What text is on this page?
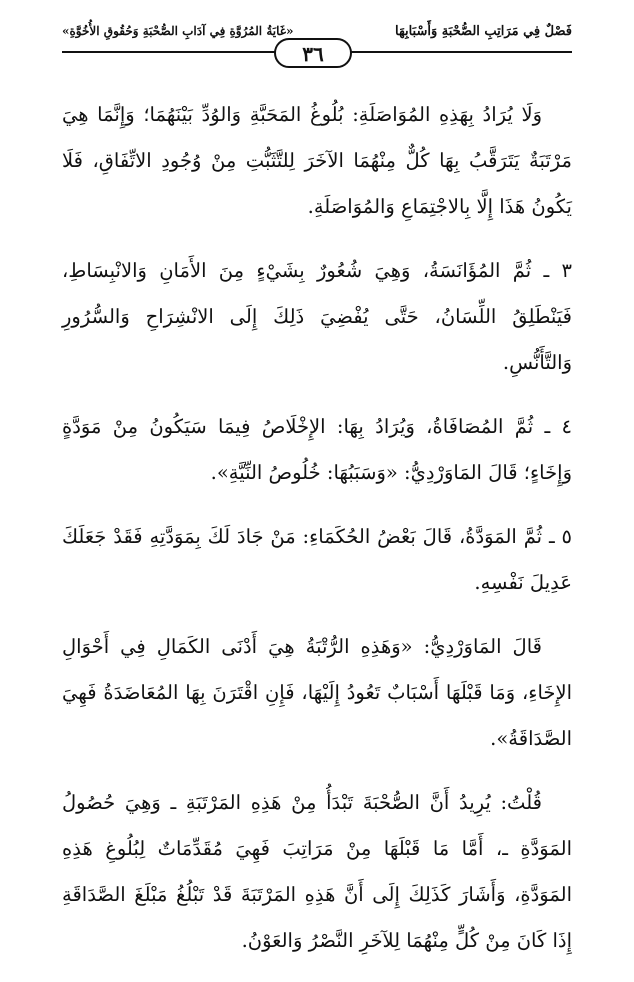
فَصْلٌ فِي مَرَاتِبِ الصُّحْبَةِ وَأَسْبَابِهَا
«غَايَةُ المُرُوَّةِ فِي آدَابِ الصُّحْبَةِ وَحُقُوقِ الأُخُوَّةِ»
٣٦

وَلَا يُرَادُ بِهَذِهِ المُوَاصَلَةِ: بُلُوغُ المَحَبَّةِ وَالوُدِّ بَيْنَهُمَا؛ وَإِنَّمَا هِيَ مَرْتَبَةٌ يَتَرَقَّبُ بِهَا كُلٌّ مِنْهُمَا الآخَرَ لِلتَّثَبُّتِ مِنْ وُجُودِ الاتِّفَاقِ، فَلَا يَكُونُ هَذَا إِلَّا بِالاجْتِمَاعِ وَالمُوَاصَلَةِ.

٣ ـ ثُمَّ المُؤَانَسَةُ، وَهِيَ شُعُورٌ بِشَيْءٍ مِنَ الأَمَانِ وَالانْبِسَاطِ، فَيَنْطَلِقُ اللِّسَانُ، حَتَّى يُفْضِيَ ذَلِكَ إِلَى الانْشِرَاحِ وَالسُّرُورِ وَالتَّأَنُّسِ.

٤ ـ ثُمَّ المُصَافَاةُ، وَيُرَادُ بِهَا: الإِخْلَاصُ فِيمَا سَيَكُونُ مِنْ مَوَدَّةٍ وَإِخَاءٍ؛ قَالَ المَاوَرْدِيُّ: «وَسَبَبُهَا: خُلُوصُ النِّيَّةِ».

٥ ـ ثُمَّ المَوَدَّةُ، قَالَ بَعْضُ الحُكَمَاءِ: مَنْ جَادَ لَكَ بِمَوَدَّتِهِ فَقَدْ جَعَلَكَ عَدِيلَ نَفْسِهِ.

قَالَ المَاوَرْدِيُّ: «وَهَذِهِ الرُّتْبَةُ هِيَ أَدْنَى الكَمَالِ فِي أَحْوَالِ الإِخَاءِ، وَمَا قَبْلَهَا أَسْبَابٌ تَعُودُ إِلَيْهَا، فَإِنِ اقْتَرَنَ بِهَا المُعَاضَدَةُ فَهِيَ الصَّدَاقَةُ».

قُلْتُ: يُرِيدُ أَنَّ الصُّحْبَةَ تَبْدَأُ مِنْ هَذِهِ المَرْتَبَةِ ـ وَهِيَ حُصُولُ المَوَدَّةِ ـ، أَمَّا مَا قَبْلَهَا مِنْ مَرَاتِبَ فَهِيَ مُقَدِّمَاتٌ لِبُلُوغِ هَذِهِ المَوَدَّةِ، وَأَشَارَ كَذَلِكَ إِلَى أَنَّ هَذِهِ المَرْتَبَةَ قَدْ تَبْلُغُ مَبْلَغَ الصَّدَاقَةِ إِذَا كَانَ مِنْ كُلٍّ مِنْهُمَا لِلآخَرِ النَّصْرُ وَالعَوْنُ.
